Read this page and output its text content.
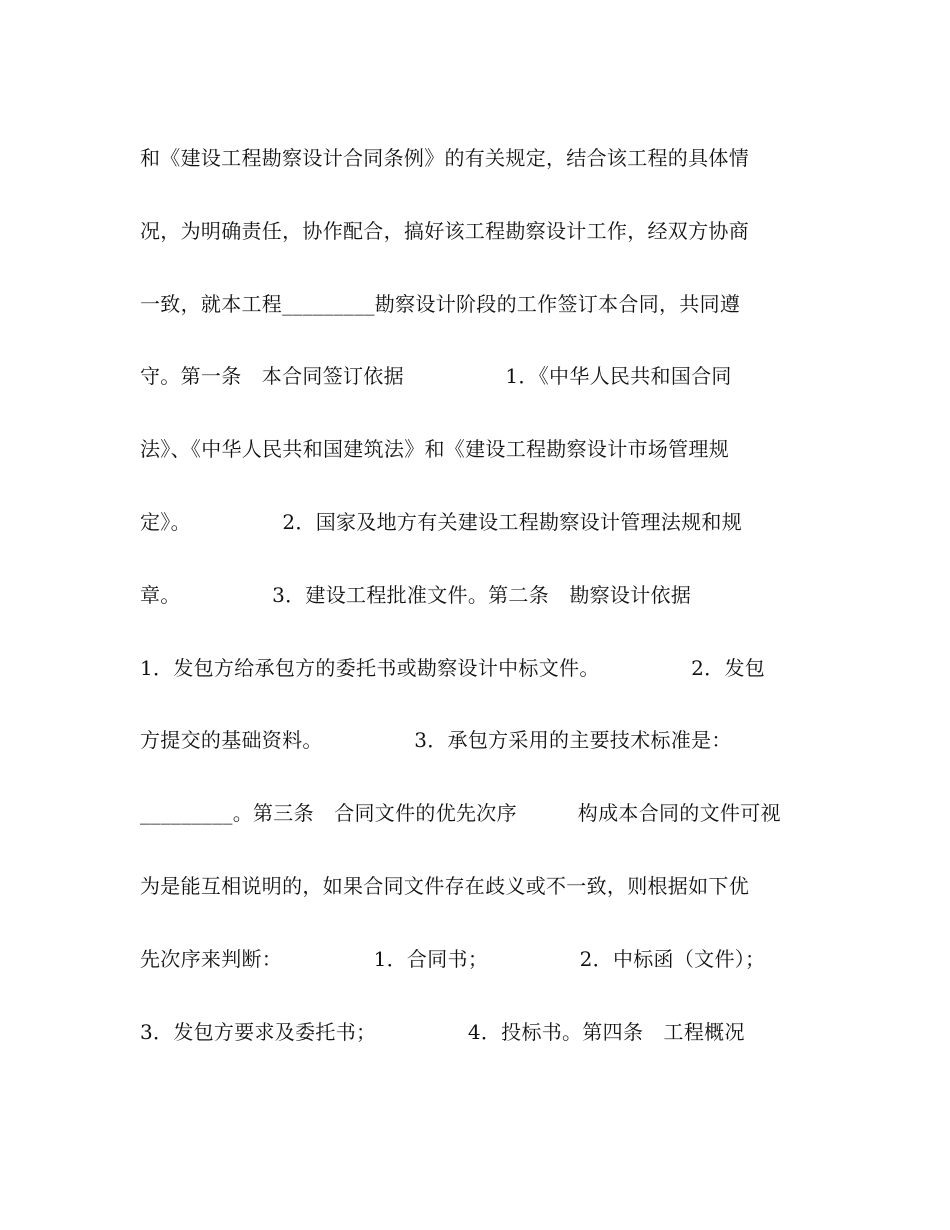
和《建设工程勘察设计合同条例》的有关规定，结合该工程的具体情
况，为明确责任，协作配合，搞好该工程勘察设计工作，经双方协商
一致，就本工程_________勘察设计阶段的工作签订本合同，共同遵
守。第一条　本合同签订依据　　　　　1．《中华人民共和国合同
法》、《中华人民共和国建筑法》和《建设工程勘察设计市场管理规
定》。　　　　　2．国家及地方有关建设工程勘察设计管理法规和规
章。　　　　　3．建设工程批准文件。第二条　勘察设计依据
1．发包方给承包方的委托书或勘察设计中标文件。　　　　　2．发包
方提交的基础资料。　　　　　3．承包方采用的主要技术标准是：
_________。第三条　合同文件的优先次序　　　构成本合同的文件可视
为是能互相说明的，如果合同文件存在歧义或不一致，则根据如下优
先次序来判断：　　　　　1．合同书；　　　　　2．中标函（文件）；
3．发包方要求及委托书；　　　　　4．投标书。第四条　工程概况
